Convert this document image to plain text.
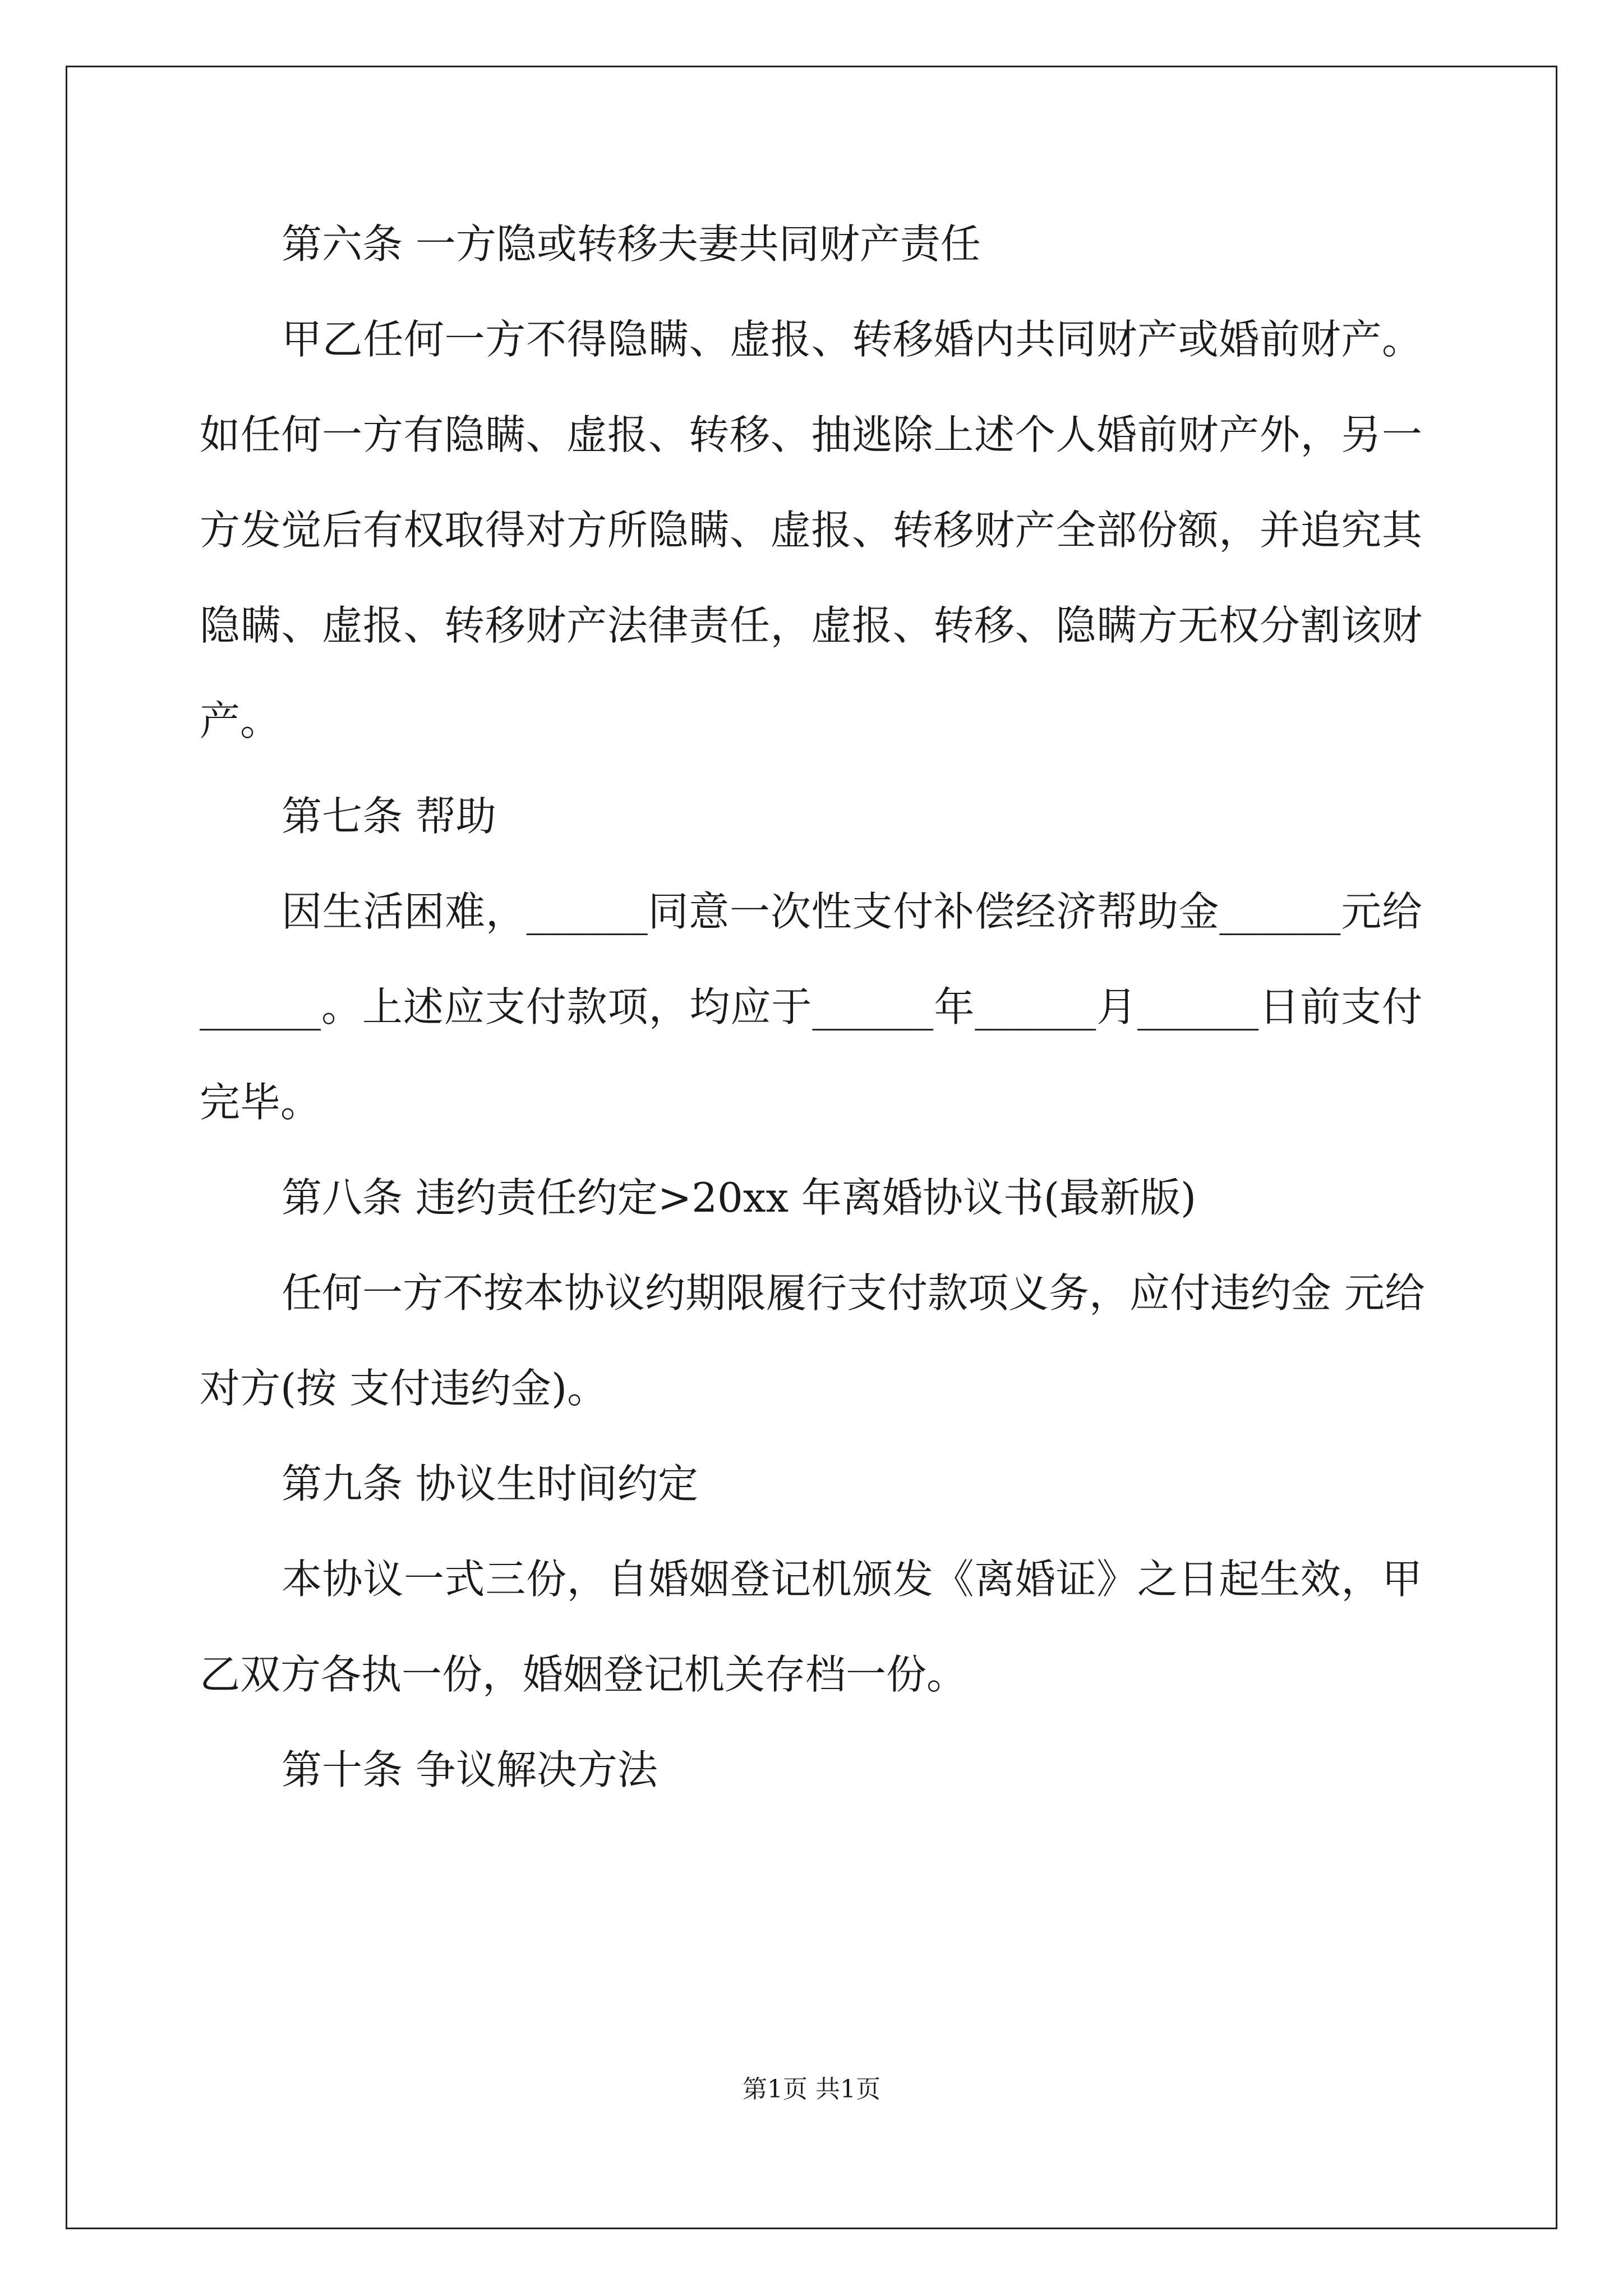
第六条 一方隐或转移夫妻共同财产责任
甲乙任何一方不得隐瞒、虚报、转移婚内共同财产或婚前财产。
如任何一方有隐瞒、虚报、转移、抽逃除上述个人婚前财产外，另一
方发觉后有权取得对方所隐瞒、虚报、转移财产全部份额，并追究其
隐瞒、虚报、转移财产法律责任，虚报、转移、隐瞒方无权分割该财
产。
第七条 帮助
因生活困难，______同意一次性支付补偿经济帮助金______元给
______。上述应支付款项，均应于______年______月______日前支付
完毕。
第八条 违约责任约定>20xx 年离婚协议书(最新版)
任何一方不按本协议约期限履行支付款项义务，应付违约金 元给
对方(按 支付违约金)。
第九条 协议生时间约定
本协议一式三份，自婚姻登记机颁发《离婚证》之日起生效，甲
乙双方各执一份，婚姻登记机关存档一份。
第十条 争议解决方法
第1页 共1页
